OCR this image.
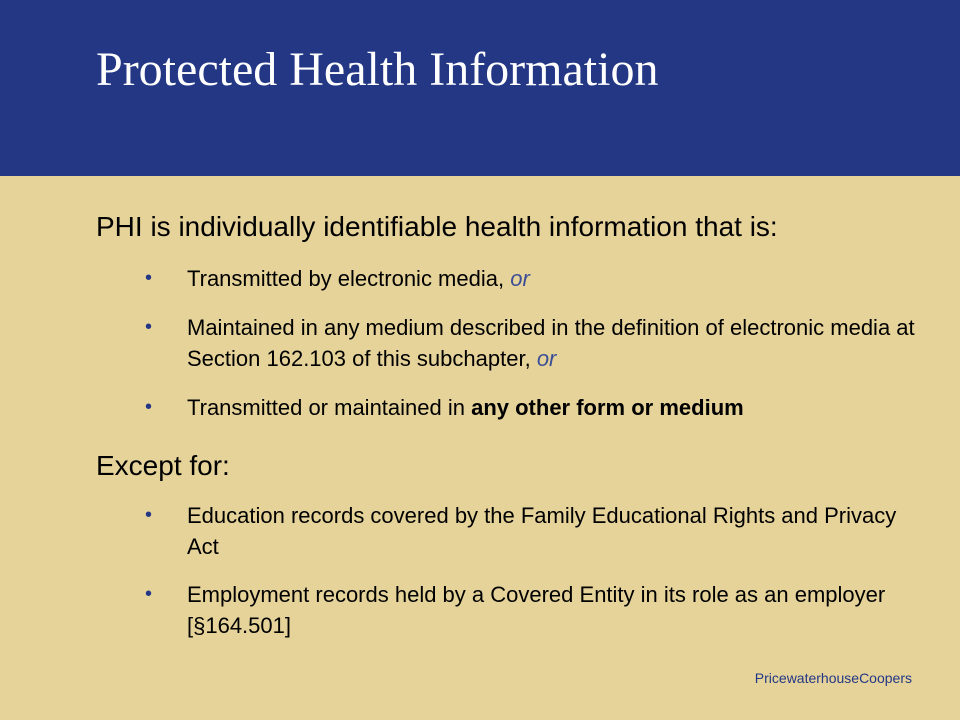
Protected Health Information
PHI is individually identifiable health information that is:
• Transmitted by electronic media, or
• Maintained in any medium described in the definition of electronic media at Section 162.103 of this subchapter, or
• Transmitted or maintained in any other form or medium
Except for:
• Education records covered by the Family Educational Rights and Privacy Act
• Employment records held by a Covered Entity in its role as an employer [§164.501]
PricewaterhouseCoopers
